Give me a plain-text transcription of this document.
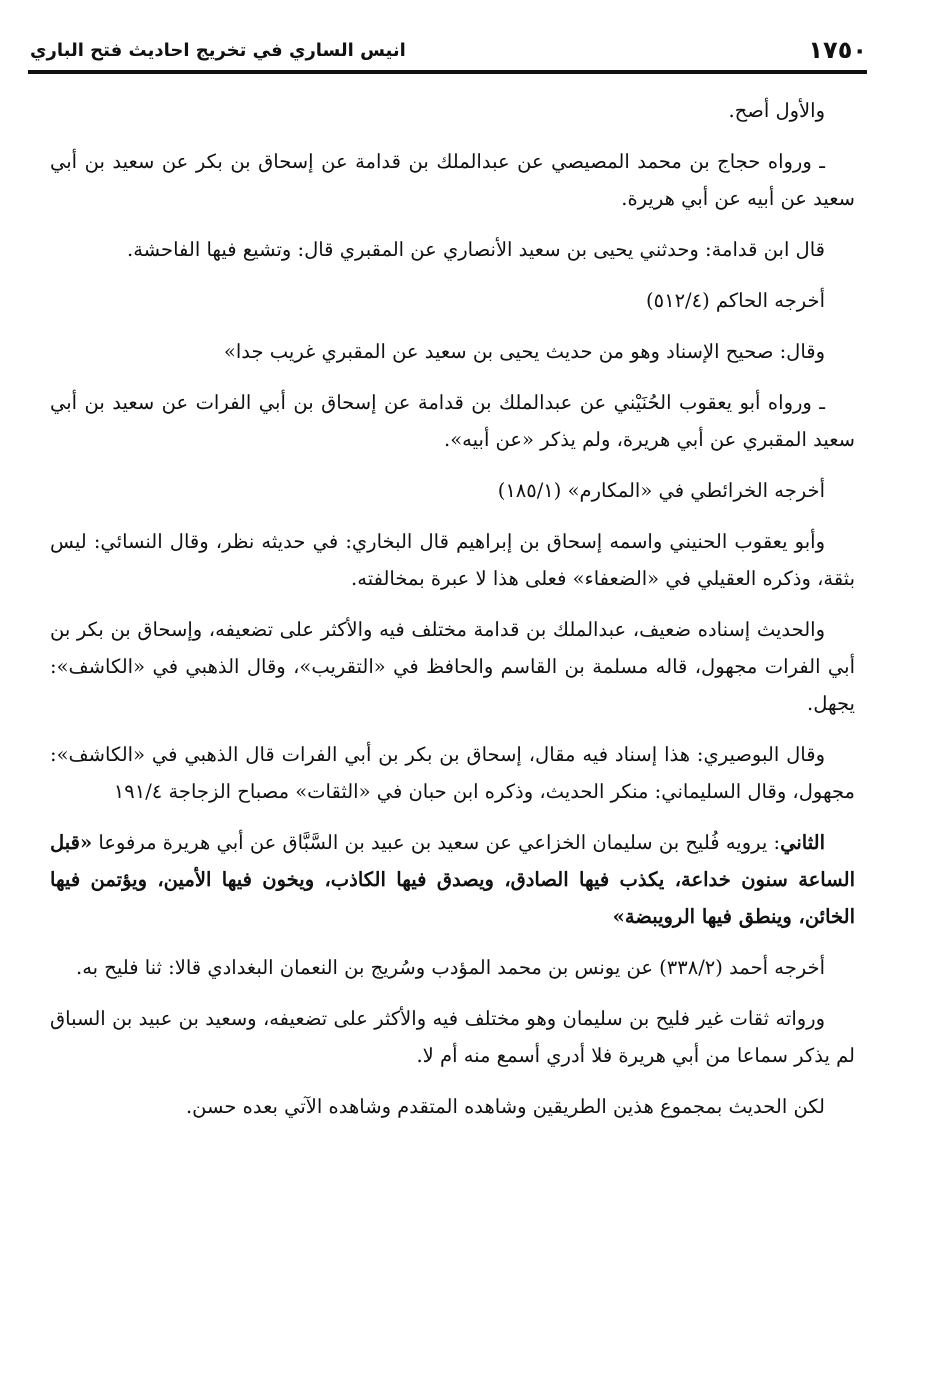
١٧٥٠
انيس الساري في تخريج احاديث فتح الباري

والأول أصح.

ـ ورواه حجاج بن محمد المصيصي عن عبدالملك بن قدامة عن إسحاق بن بكر عن سعيد بن أبي سعيد عن أبيه عن أبي هريرة.

قال ابن قدامة: وحدثني يحيى بن سعيد الأنصاري عن المقبري قال: وتشيع فيها الفاحشة.

أخرجه الحاكم (٥١٢/٤)

وقال: صحيح الإسناد وهو من حديث يحيى بن سعيد عن المقبري غريب جدا»

ـ ورواه أبو يعقوب الحُنَيْني عن عبدالملك بن قدامة عن إسحاق بن أبي الفرات عن سعيد بن أبي سعيد المقبري عن أبي هريرة، ولم يذكر «عن أبيه».

أخرجه الخرائطي في «المكارم» (١٨٥/١)

وأبو يعقوب الحنيني واسمه إسحاق بن إبراهيم قال البخاري: في حديثه نظر، وقال النسائي: ليس بثقة، وذكره العقيلي في «الضعفاء» فعلى هذا لا عبرة بمخالفته.

والحديث إسناده ضعيف، عبدالملك بن قدامة مختلف فيه والأكثر على تضعيفه، وإسحاق بن بكر بن أبي الفرات مجهول، قاله مسلمة بن القاسم والحافظ في «التقريب»، وقال الذهبي في «الكاشف»: يجهل.

وقال البوصيري: هذا إسناد فيه مقال، إسحاق بن بكر بن أبي الفرات قال الذهبي في «الكاشف»: مجهول، وقال السليماني: منكر الحديث، وذكره ابن حبان في «الثقات» مصباح الزجاجة ١٩١/٤

الثاني: يرويه فُليح بن سليمان الخزاعي عن سعيد بن عبيد بن السَّبَّاق عن أبي هريرة مرفوعا «قبل الساعة سنون خداعة، يكذب فيها الصادق، ويصدق فيها الكاذب، ويخون فيها الأمين، ويؤتمن فيها الخائن، وينطق فيها الرويبضة»

أخرجه أحمد (٣٣٨/٢) عن يونس بن محمد المؤدب وسُريج بن النعمان البغدادي قالا: ثنا فليح به.

ورواته ثقات غير فليح بن سليمان وهو مختلف فيه والأكثر على تضعيفه، وسعيد بن عبيد بن السباق لم يذكر سماعا من أبي هريرة فلا أدري أسمع منه أم لا.

لكن الحديث بمجموع هذين الطريقين وشاهده المتقدم وشاهده الآتي بعده حسن.
